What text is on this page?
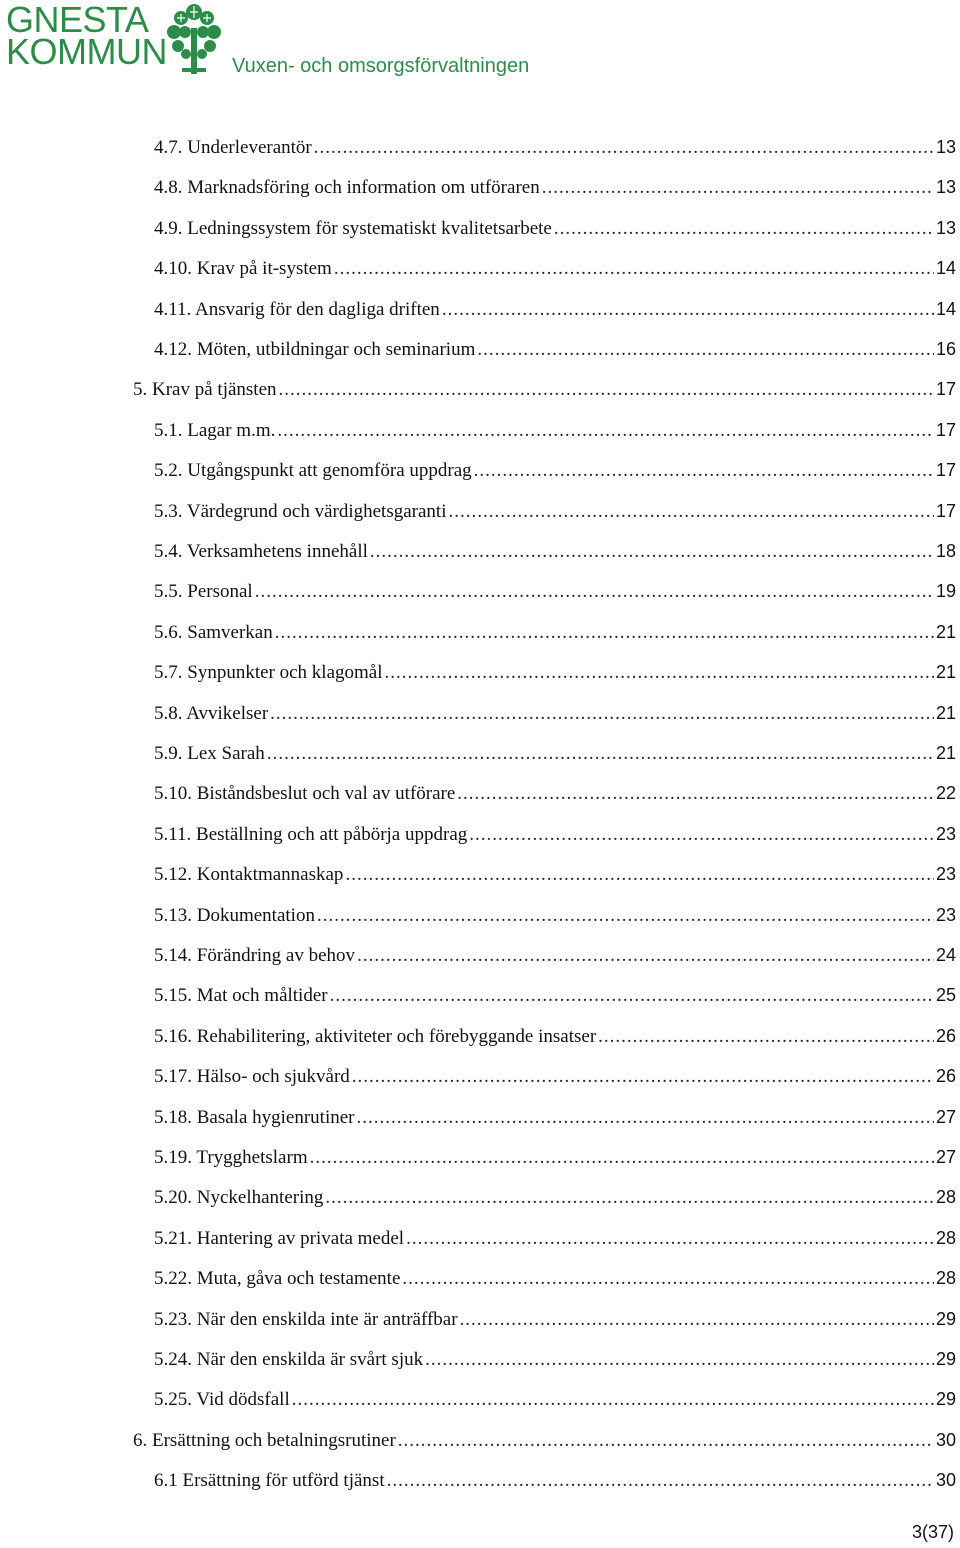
GNESTA
KOMMUN	Vuxen- och omsorgsförvaltningen
4.7. Underleverantör .....	13
4.8. Marknadsföring och information om utföraren .....	13
4.9. Ledningssystem för systematiskt kvalitetsarbete .....	13
4.10. Krav på it-system .....	14
4.11. Ansvarig för den dagliga driften .....	14
4.12. Möten, utbildningar och seminarium .....	16
5. Krav på tjänsten .....	17
5.1. Lagar m.m. .....	17
5.2. Utgångspunkt att genomföra uppdrag .....	17
5.3. Värdegrund och värdighetsgaranti .....	17
5.4. Verksamhetens innehåll .....	18
5.5. Personal .....	19
5.6. Samverkan .....	21
5.7. Synpunkter och klagomål .....	21
5.8. Avvikelser .....	21
5.9. Lex Sarah .....	21
5.10. Biståndsbeslut och val av utförare .....	22
5.11. Beställning och att påbörja uppdrag .....	23
5.12. Kontaktmannaskap .....	23
5.13. Dokumentation .....	23
5.14. Förändring av behov .....	24
5.15. Mat och måltider .....	25
5.16. Rehabilitering, aktiviteter och förebyggande insatser .....	26
5.17. Hälso- och sjukvård .....	26
5.18. Basala hygienrutiner .....	27
5.19. Trygghetslarm .....	27
5.20. Nyckelhantering .....	28
5.21. Hantering av privata medel .....	28
5.22. Muta, gåva och testamente .....	28
5.23. När den enskilda inte är anträffbar .....	29
5.24. När den enskilda är svårt sjuk .....	29
5.25. Vid dödsfall .....	29
6. Ersättning och betalningsrutiner .....	30
6.1 Ersättning för utförd tjänst .....	30
3(37)
